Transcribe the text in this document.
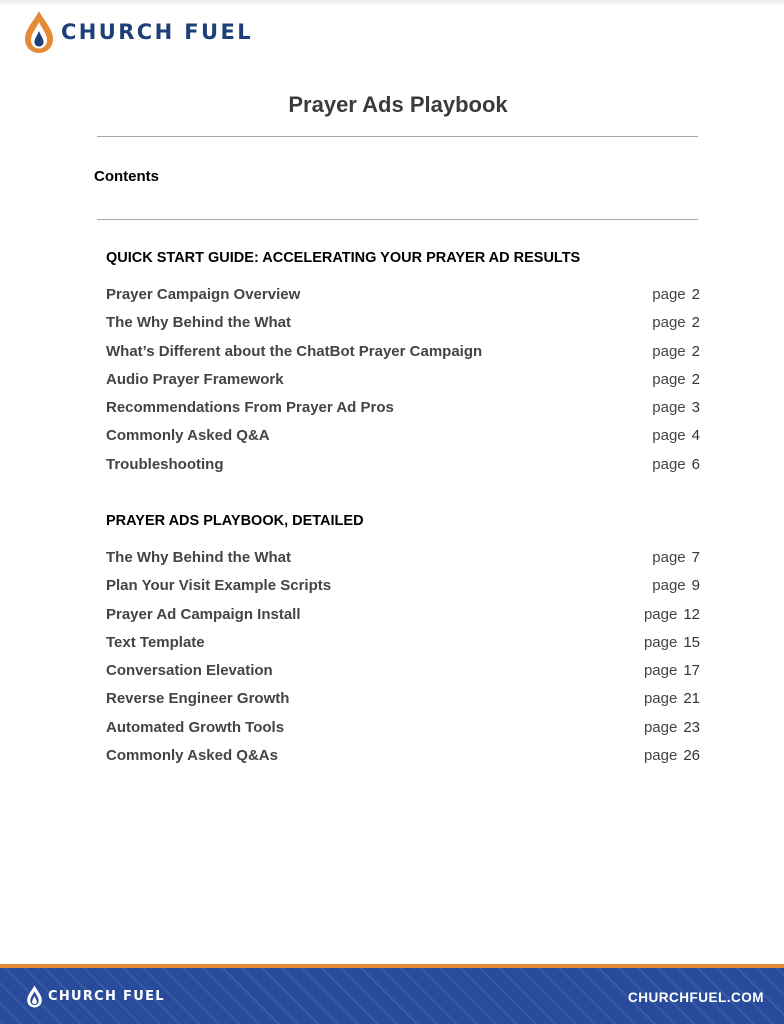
CHURCH FUEL
Prayer Ads Playbook
Contents
QUICK START GUIDE: ACCELERATING YOUR PRAYER AD RESULTS
Prayer Campaign Overview	page 2
The Why Behind the What	page 2
What’s Different about the ChatBot Prayer Campaign	page 2
Audio Prayer Framework	page 2
Recommendations From Prayer Ad Pros	page 3
Commonly Asked Q&A	page 4
Troubleshooting	page 6
PRAYER ADS PLAYBOOK, DETAILED
The Why Behind the What	page 7
Plan Your Visit Example Scripts	page 9
Prayer Ad Campaign Install	page 12
Text Template	page 15
Conversation Elevation	page 17
Reverse Engineer Growth	page 21
Automated Growth Tools	page 23
Commonly Asked Q&As	page 26
CHURCH FUEL	CHURCHFUEL.COM
